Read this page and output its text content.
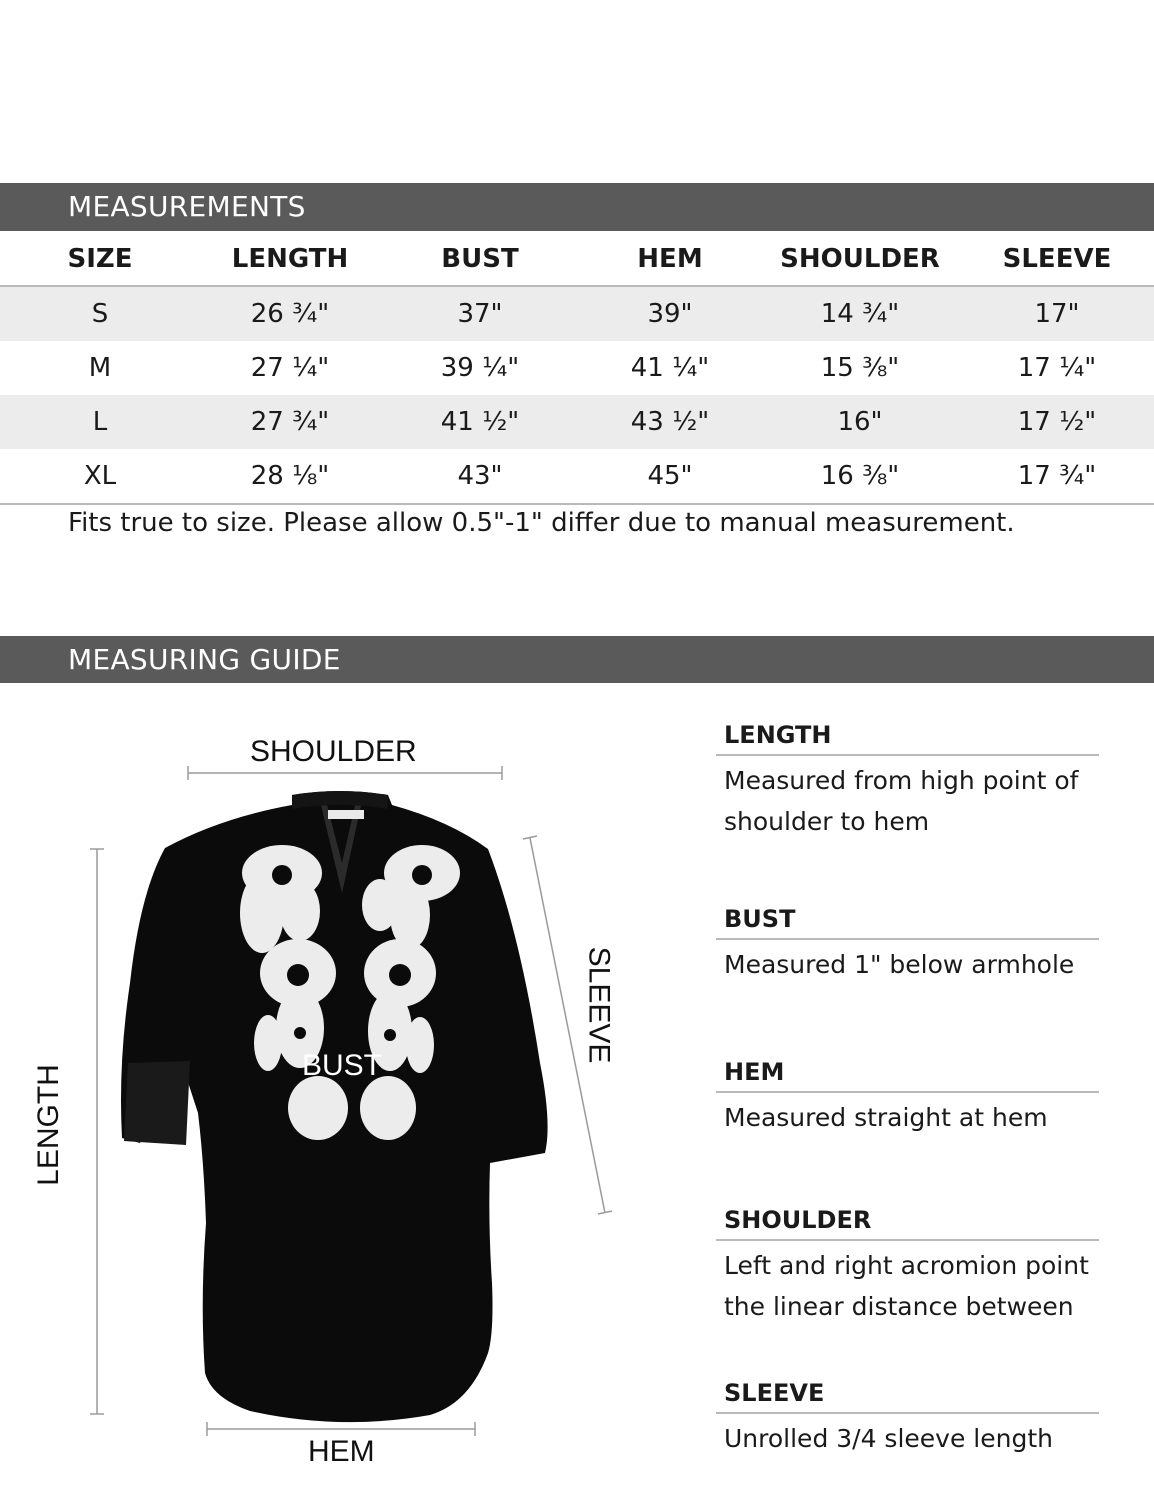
MEASUREMENTS
SIZE	LENGTH	BUST	HEM	SHOULDER	SLEEVE
S	26 ¾"	37"	39"	14 ¾"	17"
M	27 ¼"	39 ¼"	41 ¼"	15 ⅜"	17 ¼"
L	27 ¾"	41 ½"	43 ½"	16"	17 ½"
XL	28 ⅛"	43"	45"	16 ⅜"	17 ¾"
Fits true to size. Please allow 0.5"-1" differ due to manual measurement.
MEASURING GUIDE
SHOULDER
LENGTH
SLEEVE
BUST
HEM
LENGTH
Measured from high point of
shoulder to hem
BUST
Measured 1" below armhole
HEM
Measured straight at hem
SHOULDER
Left and right acromion point
the linear distance between
SLEEVE
Unrolled 3/4 sleeve length
